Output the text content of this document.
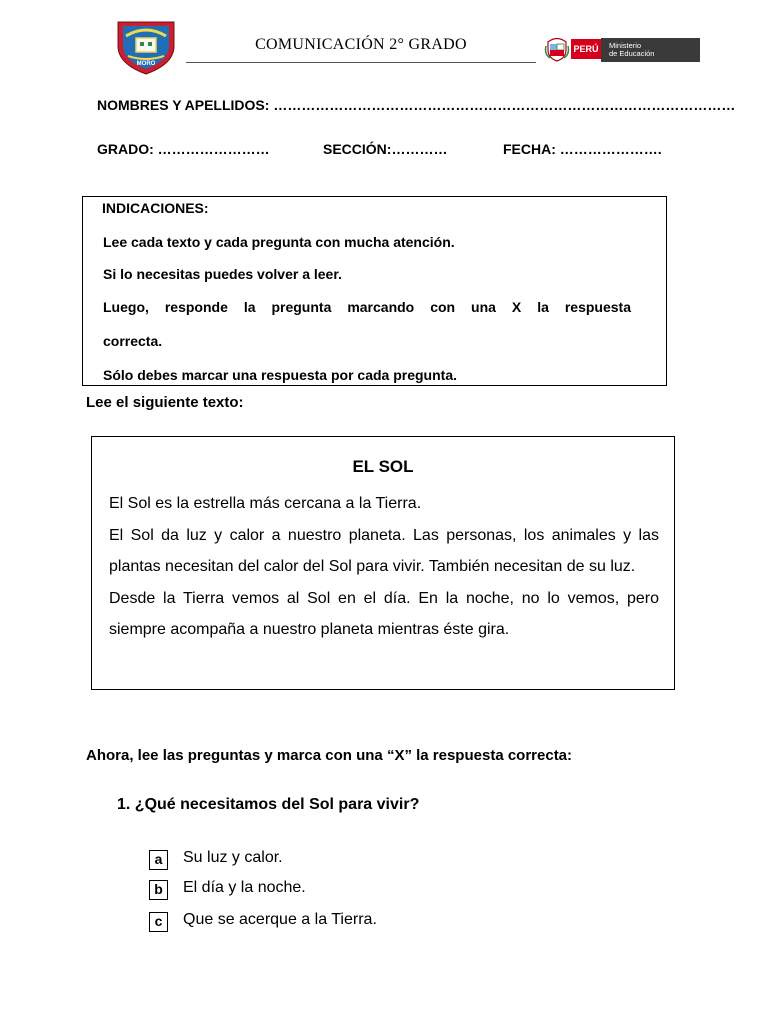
MORO
COMUNICACIÓN 2° GRADO	PERÚ	Ministerio
de Educación
NOMBRES Y APELLIDOS: ………………………………………………………………………………………
GRADO: ……………………	SECCIÓN:…………	FECHA: ………………….
INDICACIONES:
Lee cada texto y cada pregunta con mucha atención.
Si lo necesitas puedes volver a leer.
Luego, responde la pregunta marcando con una X la respuesta
correcta.
Sólo debes marcar una respuesta por cada pregunta.
Lee el siguiente texto:
EL SOL

El Sol es la estrella más cercana a la Tierra.

El Sol da luz y calor a nuestro planeta. Las personas, los animales y las plantas necesitan del calor del Sol para vivir. También necesitan de su luz.

Desde la Tierra vemos al Sol en el día. En la noche, no lo vemos, pero siempre acompaña a nuestro planeta mientras éste gira.

Ahora, lee las preguntas y marca con una “X” la respuesta correcta:
1. ¿Qué necesitamos del Sol para vivir?
a	Su luz y calor.
b	El día y la noche.
c	Que se acerque a la Tierra.
